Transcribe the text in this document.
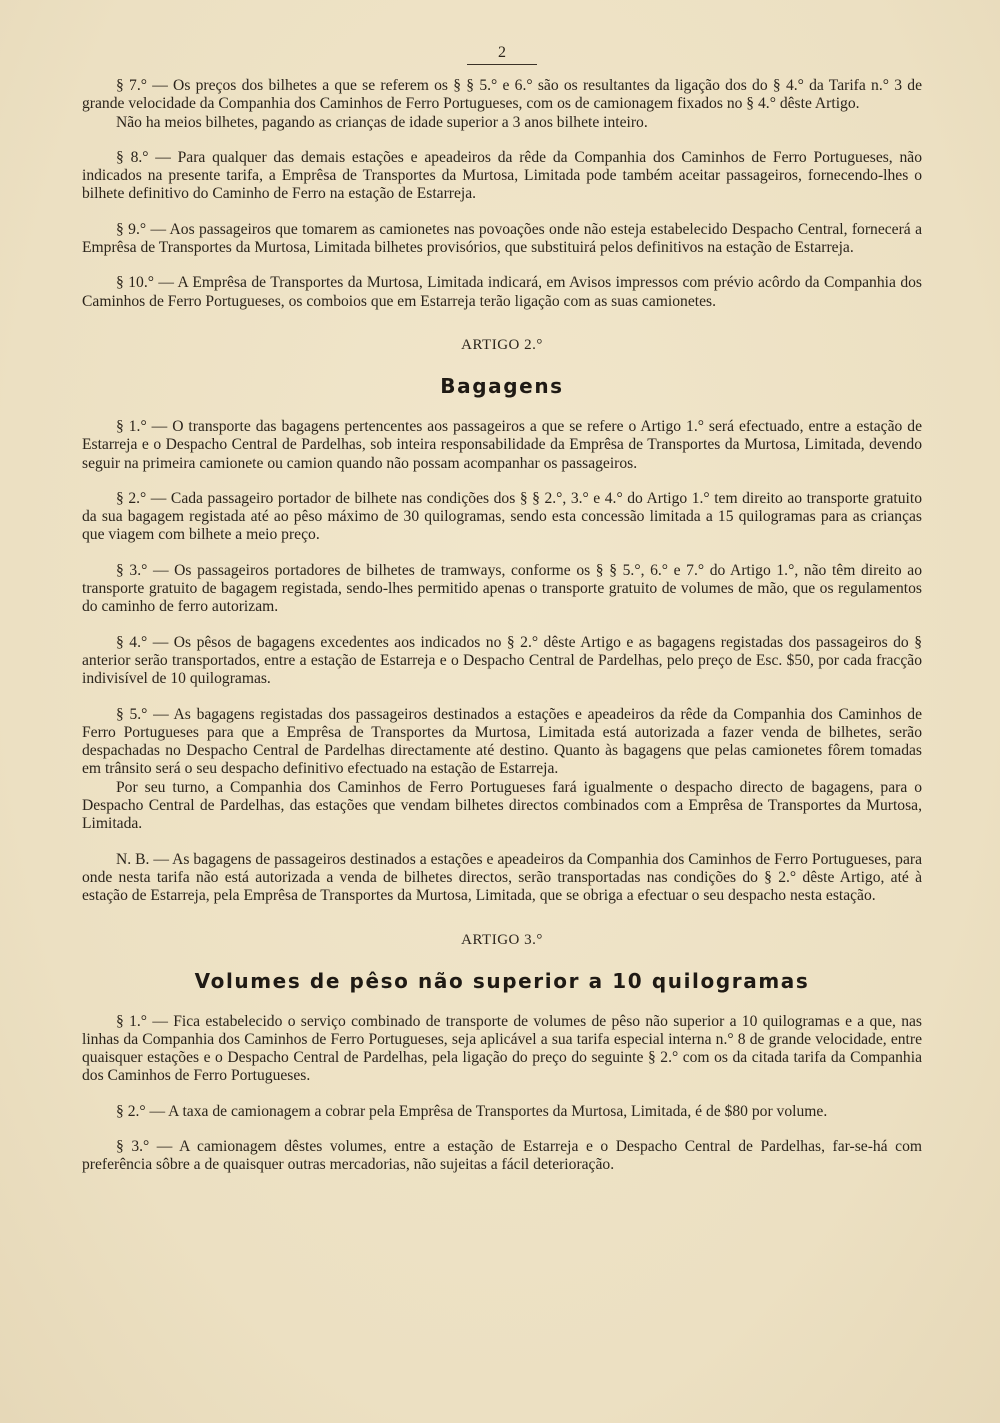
2

§ 7.° — Os preços dos bilhetes a que se referem os § § 5.° e 6.° são os resultantes da ligação dos do § 4.° da Tarifa n.° 3 de grande velocidade da Companhia dos Caminhos de Ferro Portugueses, com os de camionagem fixados no § 4.° dêste Artigo.

Não ha meios bilhetes, pagando as crianças de idade superior a 3 anos bilhete inteiro.

§ 8.° — Para qualquer das demais estações e apeadeiros da rêde da Companhia dos Caminhos de Ferro Portugueses, não indicados na presente tarifa, a Emprêsa de Transportes da Murtosa, Limitada pode também aceitar passageiros, fornecendo-lhes o bilhete definitivo do Caminho de Ferro na estação de Estarreja.

§ 9.° — Aos passageiros que tomarem as camionetes nas povoações onde não esteja estabelecido Despacho Central, fornecerá a Emprêsa de Transportes da Murtosa, Limitada bilhetes provisórios, que substituirá pelos definitivos na estação de Estarreja.

§ 10.° — A Emprêsa de Transportes da Murtosa, Limitada indicará, em Avisos impressos com prévio acôrdo da Companhia dos Caminhos de Ferro Portugueses, os comboios que em Estarreja terão ligação com as suas camionetes.

ARTIGO 2.°
Bagagens

§ 1.° — O transporte das bagagens pertencentes aos passageiros a que se refere o Artigo 1.° será efectuado, entre a estação de Estarreja e o Despacho Central de Pardelhas, sob inteira responsabilidade da Emprêsa de Transportes da Murtosa, Limitada, devendo seguir na primeira camionete ou camion quando não possam acompanhar os passageiros.

§ 2.° — Cada passageiro portador de bilhete nas condições dos § § 2.°, 3.° e 4.° do Artigo 1.° tem direito ao transporte gratuito da sua bagagem registada até ao pêso máximo de 30 quilogramas, sendo esta concessão limitada a 15 quilogramas para as crianças que viagem com bilhete a meio preço.

§ 3.° — Os passageiros portadores de bilhetes de tramways, conforme os § § 5.°, 6.° e 7.° do Artigo 1.°, não têm direito ao transporte gratuito de bagagem registada, sendo-lhes permitido apenas o transporte gratuito de volumes de mão, que os regulamentos do caminho de ferro autorizam.

§ 4.° — Os pêsos de bagagens excedentes aos indicados no § 2.° dêste Artigo e as bagagens registadas dos passageiros do § anterior serão transportados, entre a estação de Estarreja e o Despacho Central de Pardelhas, pelo preço de Esc. $50, por cada fracção indivisível de 10 quilogramas.

§ 5.° — As bagagens registadas dos passageiros destinados a estações e apeadeiros da rêde da Companhia dos Caminhos de Ferro Portugueses para que a Emprêsa de Transportes da Murtosa, Limitada está autorizada a fazer venda de bilhetes, serão despachadas no Despacho Central de Pardelhas directamente até destino. Quanto às bagagens que pelas camionetes fôrem tomadas em trânsito será o seu despacho definitivo efectuado na estação de Estarreja.

Por seu turno, a Companhia dos Caminhos de Ferro Portugueses fará igualmente o despacho directo de bagagens, para o Despacho Central de Pardelhas, das estações que vendam bilhetes directos combinados com a Emprêsa de Transportes da Murtosa, Limitada.

N. B. — As bagagens de passageiros destinados a estações e apeadeiros da Companhia dos Caminhos de Ferro Portugueses, para onde nesta tarifa não está autorizada a venda de bilhetes directos, serão transportadas nas condições do § 2.° dêste Artigo, até à estação de Estarreja, pela Emprêsa de Transportes da Murtosa, Limitada, que se obriga a efectuar o seu despacho nesta estação.

ARTIGO 3.°
Volumes de pêso não superior a 10 quilogramas

§ 1.° — Fica estabelecido o serviço combinado de transporte de volumes de pêso não superior a 10 quilogramas e a que, nas linhas da Companhia dos Caminhos de Ferro Portugueses, seja aplicável a sua tarifa especial interna n.° 8 de grande velocidade, entre quaisquer estações e o Despacho Central de Pardelhas, pela ligação do preço do seguinte § 2.° com os da citada tarifa da Companhia dos Caminhos de Ferro Portugueses.

§ 2.° — A taxa de camionagem a cobrar pela Emprêsa de Transportes da Murtosa, Limitada, é de $80 por volume.

§ 3.° — A camionagem dêstes volumes, entre a estação de Estarreja e o Despacho Central de Pardelhas, far-se-há com preferência sôbre a de quaisquer outras mercadorias, não sujeitas a fácil deterioração.
